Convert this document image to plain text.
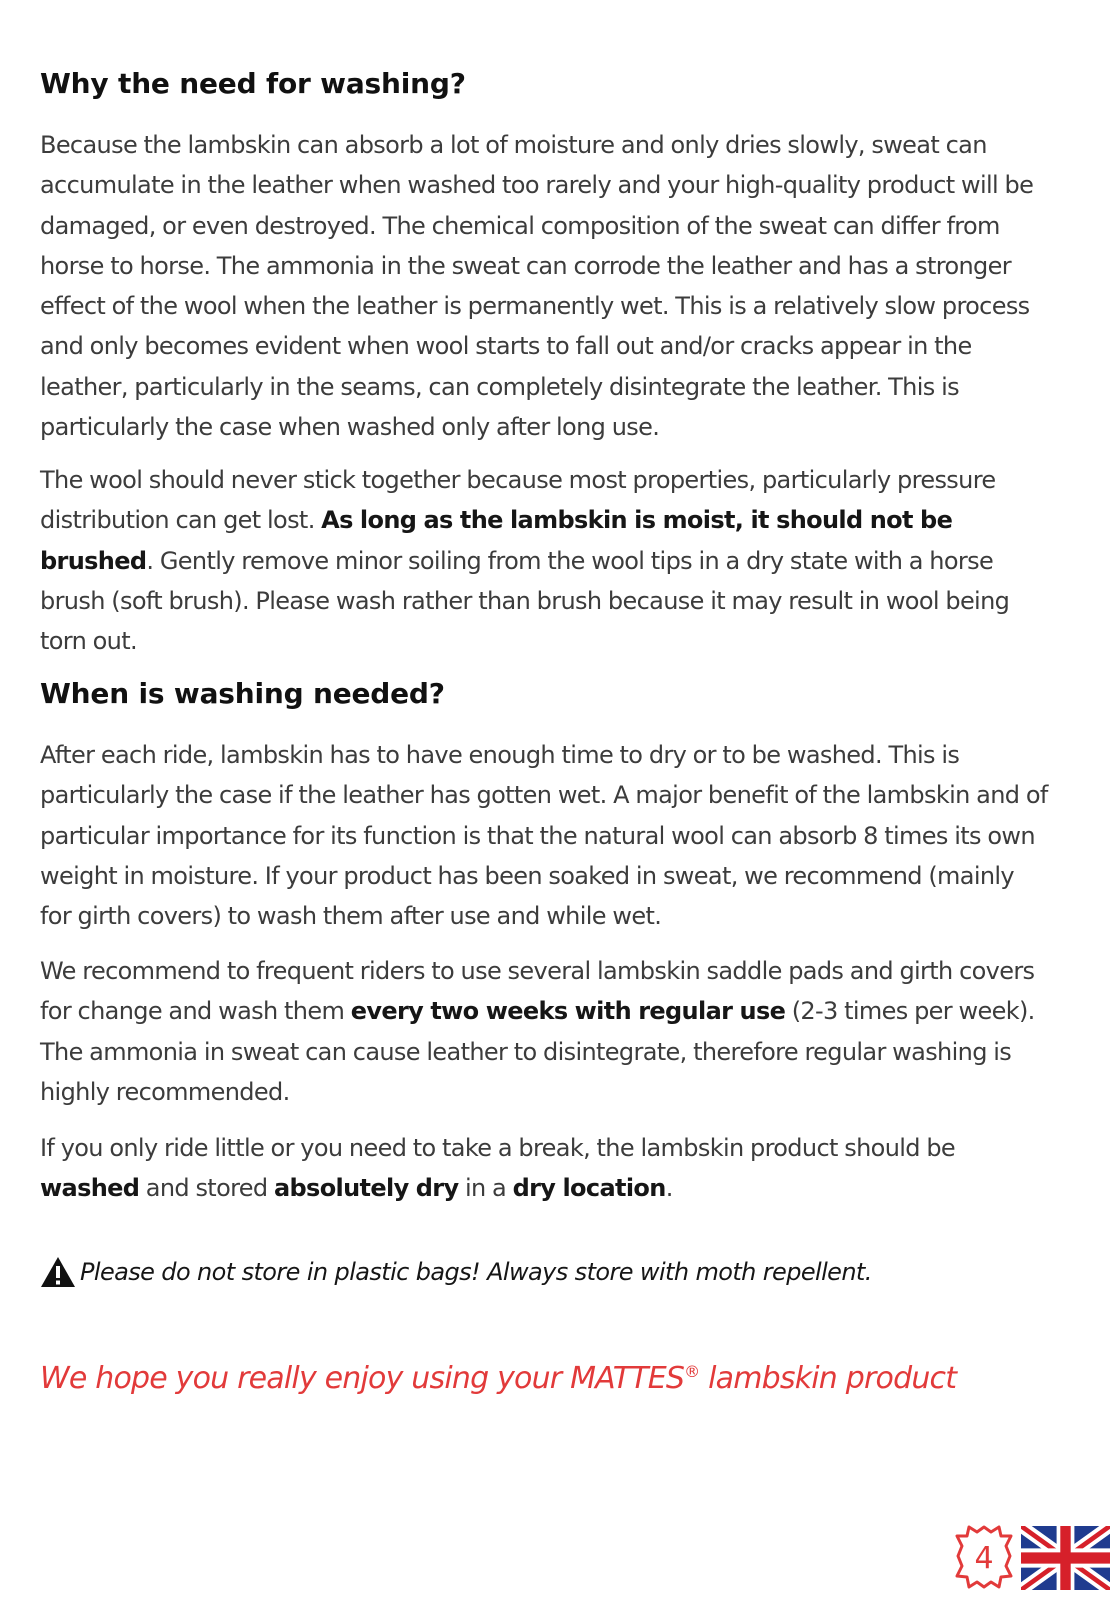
Why the need for washing?

Because the lambskin can absorb a lot of moisture and only dries slowly, sweat can accumulate in the leather when washed too rarely and your high-quality product will be damaged, or even destroyed. The chemical composition of the sweat can differ from horse to horse. The ammonia in the sweat can corrode the leather and has a stronger effect of the wool when the leather is permanently wet. This is a relatively slow process and only becomes evident when wool starts to fall out and/or cracks appear in the leather, particularly in the seams, can completely disintegrate the leather. This is particularly the case when washed only after long use.

The wool should never stick together because most properties, particularly pressure distribution can get lost. As long as the lambskin is moist, it should not be brushed. Gently remove minor soiling from the wool tips in a dry state with a horse brush (soft brush). Please wash rather than brush because it may result in wool being torn out.

When is washing needed?

After each ride, lambskin has to have enough time to dry or to be washed. This is particularly the case if the leather has gotten wet. A major benefit of the lambskin and of particular importance for its function is that the natural wool can absorb 8 times its own weight in moisture. If your product has been soaked in sweat, we recommend (mainly for girth covers) to wash them after use and while wet.

We recommend to frequent riders to use several lambskin saddle pads and girth covers for change and wash them every two weeks with regular use (2-3 times per week). The ammonia in sweat can cause leather to disintegrate, therefore regular washing is highly recommended.

If you only ride little or you need to take a break, the lambskin product should be washed and stored absolutely dry in a dry location.

Please do not store in plastic bags! Always store with moth repellent.
We hope you really enjoy using your MATTES® lambskin product
4
